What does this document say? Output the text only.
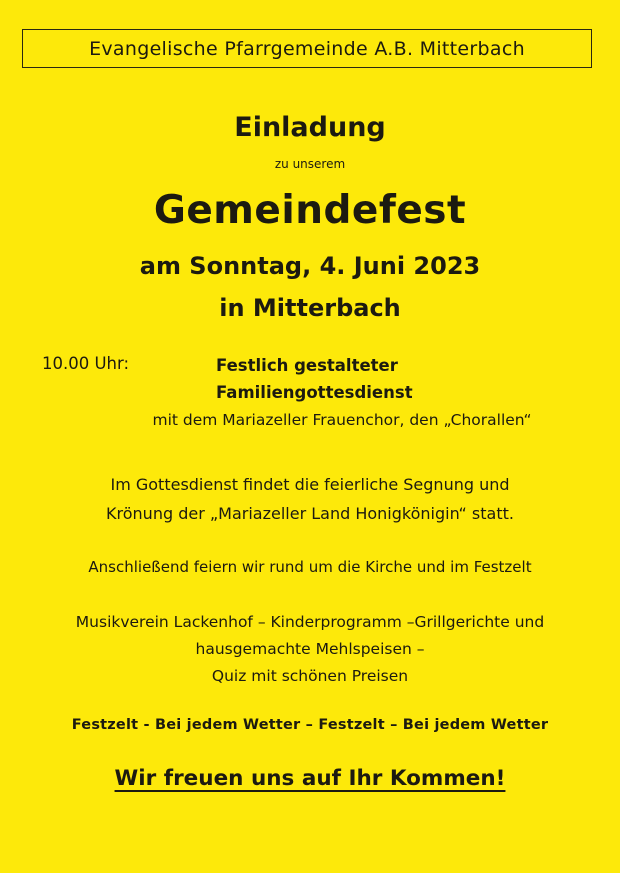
Evangelische Pfarrgemeinde A.B. Mitterbach
Einladung
zu unserem
Gemeindefest
am Sonntag, 4. Juni 2023
in Mitterbach
10.00 Uhr:	Festlich gestalteter
Familiengottesdienst
mit dem Mariazeller Frauenchor, den „Chorallen“
Im Gottesdienst findet die feierliche Segnung und
Krönung der „Mariazeller Land Honigkönigin“ statt.
Anschließend feiern wir rund um die Kirche und im Festzelt
Musikverein Lackenhof – Kinderprogramm –Grillgerichte und
hausgemachte Mehlspeisen –
Quiz mit schönen Preisen
Festzelt - Bei jedem Wetter – Festzelt – Bei jedem Wetter
Wir freuen uns auf Ihr Kommen!
